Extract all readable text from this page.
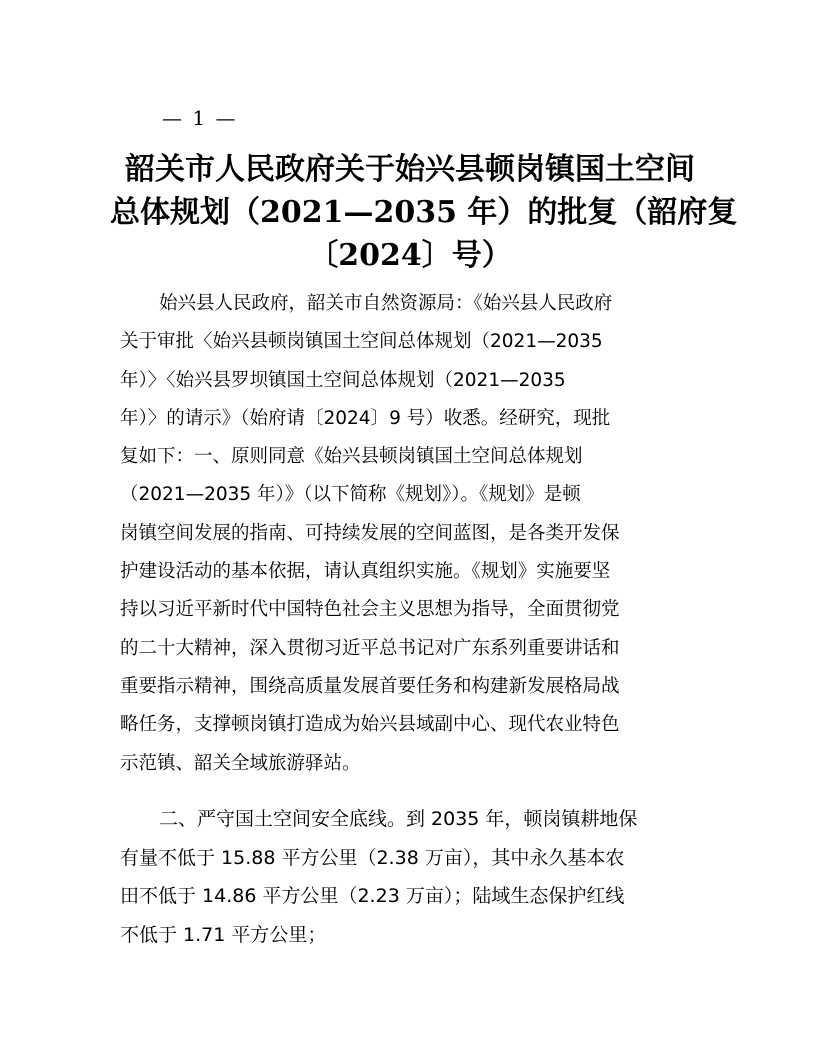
— 1 —
韶关市人民政府关于始兴县顿岗镇国土空间
总体规划（2021—2035 年）的批复（韶府复
〔2024〕号）
始兴县人民政府，韶关市自然资源局：《始兴县人民政府
关于审批〈始兴县顿岗镇国土空间总体规划（2021—2035
年）〉〈始兴县罗坝镇国土空间总体规划（2021—2035
年）〉的请示》（始府请〔2024〕9 号）收悉。经研究，现批
复如下：一、原则同意《始兴县顿岗镇国土空间总体规划
（2021—2035 年）》（以下简称《规划》）。《规划》是顿
岗镇空间发展的指南、可持续发展的空间蓝图，是各类开发保
护建设活动的基本依据，请认真组织实施。《规划》实施要坚
持以习近平新时代中国特色社会主义思想为指导，全面贯彻党
的二十大精神，深入贯彻习近平总书记对广东系列重要讲话和
重要指示精神，围绕高质量发展首要任务和构建新发展格局战
略任务，支撑顿岗镇打造成为始兴县域副中心、现代农业特色
示范镇、韶关全域旅游驿站。
二、严守国土空间安全底线。到 2035 年，顿岗镇耕地保
有量不低于 15.88 平方公里（2.38 万亩），其中永久基本农
田不低于 14.86 平方公里（2.23 万亩）；陆域生态保护红线
不低于 1.71 平方公里；
